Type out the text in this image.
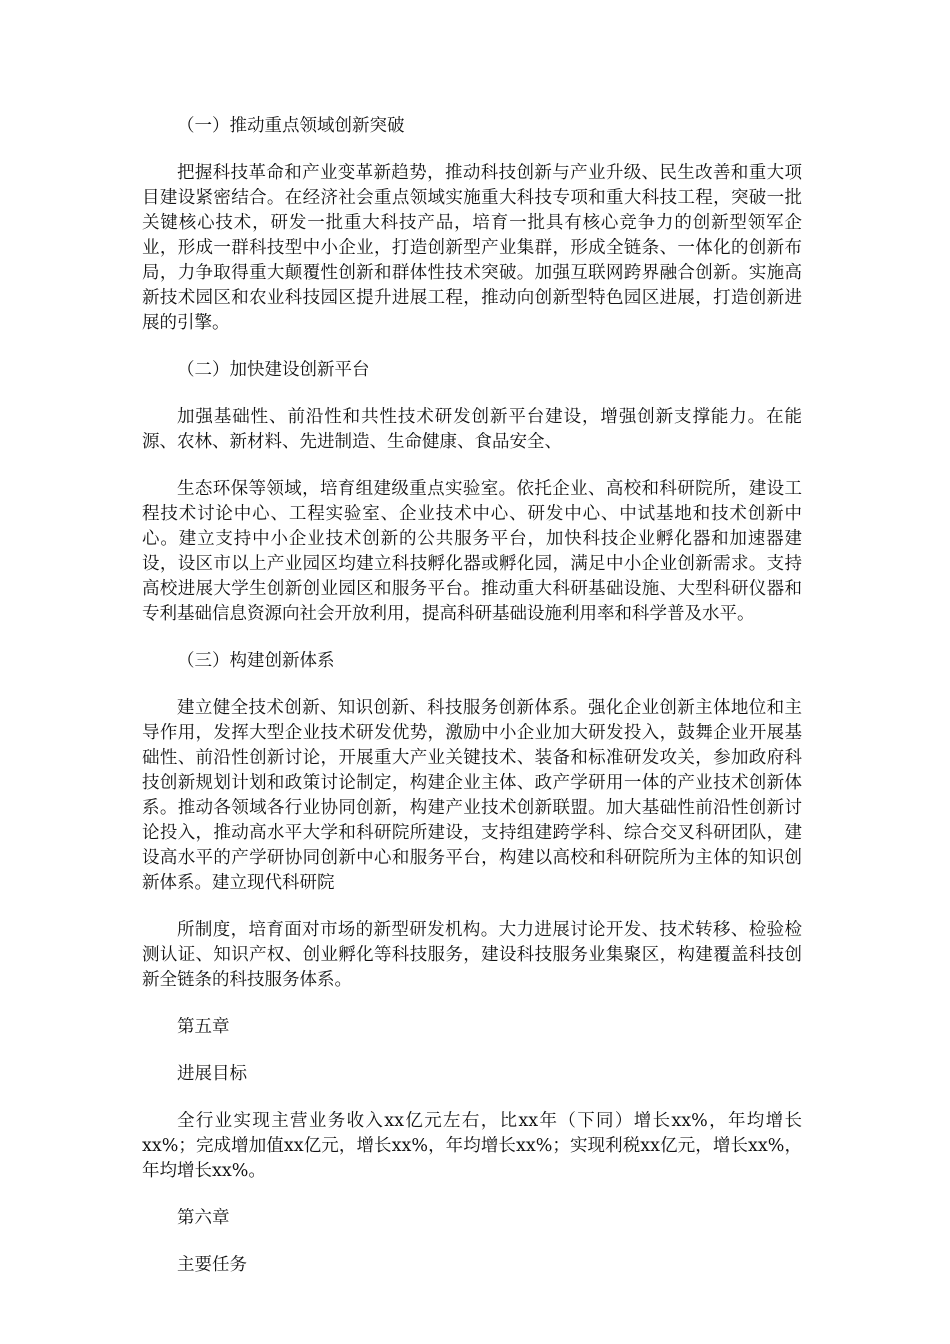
（一）推动重点领域创新突破

把握科技革命和产业变革新趋势，推动科技创新与产业升级、民生改善和重大项目建设紧密结合。在经济社会重点领域实施重大科技专项和重大科技工程，突破一批关键核心技术，研发一批重大科技产品，培育一批具有核心竞争力的创新型领军企业，形成一群科技型中小企业，打造创新型产业集群，形成全链条、一体化的创新布局，力争取得重大颠覆性创新和群体性技术突破。加强互联网跨界融合创新。实施高新技术园区和农业科技园区提升进展工程，推动向创新型特色园区进展，打造创新进展的引擎。

（二）加快建设创新平台

加强基础性、前沿性和共性技术研发创新平台建设，增强创新支撑能力。在能源、农林、新材料、先进制造、生命健康、食品安全、

生态环保等领域，培育组建级重点实验室。依托企业、高校和科研院所，建设工程技术讨论中心、工程实验室、企业技术中心、研发中心、中试基地和技术创新中心。建立支持中小企业技术创新的公共服务平台，加快科技企业孵化器和加速器建设，设区市以上产业园区均建立科技孵化器或孵化园，满足中小企业创新需求。支持高校进展大学生创新创业园区和服务平台。推动重大科研基础设施、大型科研仪器和专利基础信息资源向社会开放利用，提高科研基础设施利用率和科学普及水平。

（三）构建创新体系

建立健全技术创新、知识创新、科技服务创新体系。强化企业创新主体地位和主导作用，发挥大型企业技术研发优势，激励中小企业加大研发投入，鼓舞企业开展基础性、前沿性创新讨论，开展重大产业关键技术、装备和标准研发攻关，参加政府科技创新规划计划和政策讨论制定，构建企业主体、政产学研用一体的产业技术创新体系。推动各领域各行业协同创新，构建产业技术创新联盟。加大基础性前沿性创新讨论投入，推动高水平大学和科研院所建设，支持组建跨学科、综合交叉科研团队，建设高水平的产学研协同创新中心和服务平台，构建以高校和科研院所为主体的知识创新体系。建立现代科研院

所制度，培育面对市场的新型研发机构。大力进展讨论开发、技术转移、检验检测认证、知识产权、创业孵化等科技服务，建设科技服务业集聚区，构建覆盖科技创新全链条的科技服务体系。

第五章

进展目标

全行业实现主营业务收入xx亿元左右，比xx年（下同）增长xx%，年均增长xx%；完成增加值xx亿元，增长xx%，年均增长xx%；实现利税xx亿元，增长xx%，年均增长xx%。

第六章

主要任务
